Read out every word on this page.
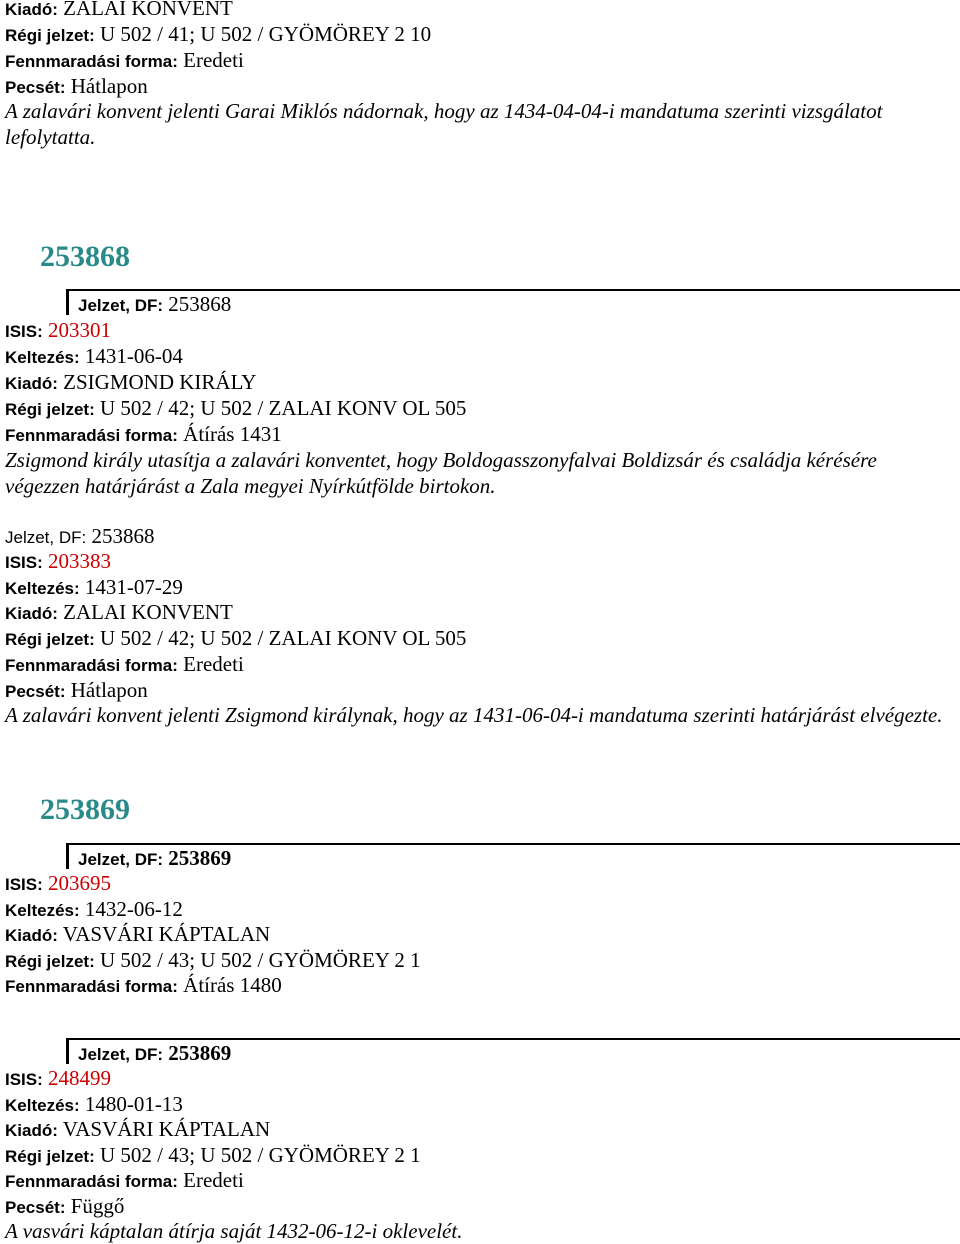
Kiadó: ZALAI KONVENT
Régi jelzet: U 502 / 41; U 502 / GYÖMÖREY 2 10
Fennmaradási forma: Eredeti
Pecsét: Hátlapon
A zalavári konvent jelenti Garai Miklós nádornak, hogy az 1434-04-04-i mandatuma szerinti vizsgálatot lefolytatta.
253868
Jelzet, DF: 253868
ISIS: 203301
Keltezés: 1431-06-04
Kiadó: ZSIGMOND KIRÁLY
Régi jelzet: U 502 / 42; U 502 / ZALAI KONV OL 505
Fennmaradási forma: Átírás 1431
Zsigmond király utasítja a zalavári konventet, hogy Boldogasszonyfalvai Boldizsár és családja kérésére végezzen határjárást a Zala megyei Nyírkútfölde birtokon.
Jelzet, DF: 253868
ISIS: 203383
Keltezés: 1431-07-29
Kiadó: ZALAI KONVENT
Régi jelzet: U 502 / 42; U 502 / ZALAI KONV OL 505
Fennmaradási forma: Eredeti
Pecsét: Hátlapon
A zalavári konvent jelenti Zsigmond királynak, hogy az 1431-06-04-i mandatuma szerinti határjárást elvégezte.
253869
Jelzet, DF: 253869
ISIS: 203695
Keltezés: 1432-06-12
Kiadó: VASVÁRI KÁPTALAN
Régi jelzet: U 502 / 43; U 502 / GYÖMÖREY 2 1
Fennmaradási forma: Átírás 1480
Jelzet, DF: 253869
ISIS: 248499
Keltezés: 1480-01-13
Kiadó: VASVÁRI KÁPTALAN
Régi jelzet: U 502 / 43; U 502 / GYÖMÖREY 2 1
Fennmaradási forma: Eredeti
Pecsét: Függő
A vasvári káptalan átírja saját 1432-06-12-i oklevelét.
